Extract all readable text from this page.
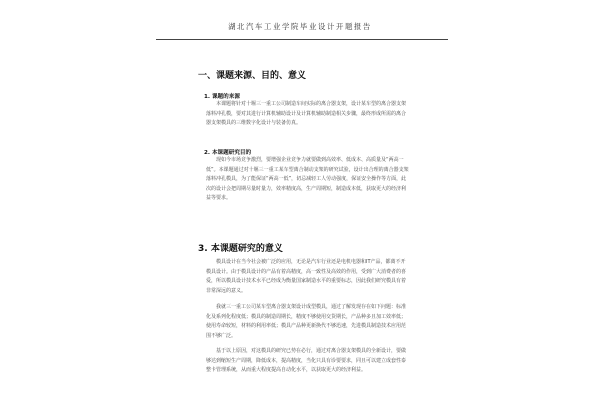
湖北汽车工业学院毕业设计开题报告
一、课题来源、目的、意义
1. 课题的来源
本课题将针对十堰三一重工公司制造车间实际的离合器支架，设计某车型的离合器支架落料冲孔模，要对其进行计算机辅助设计及计算机辅助制造相关步骤，最终形成所需的离合器支架模具的三维数字化设计与装备仿真。
2. 本课题研究目的
现如今市场竞争激烈，要增强企业竞争力就要做到高效率、低成本、高质量及“两高一低”。本课题通过对十堰三一重工某车型离合制动支架的研究试验，设计出合理的离合器支架落料冲孔模具，为了能保证“两高一低”，切忌减轻工人劳动强度，保证安全操作等方面，此次的设计会把周期尽量时量力，效率精度高，生产周期短，制造成本低，获取更大的经济利益等要求。
3. 本课题研究的意义
模具设计在当今社会被广泛的应用，无论是汽车行业还是电机电器和IT产品，都离不开模具设计。由于模具设计的产品有着高精度，高一致性及高效的作用，受到广大消费者的喜爱，所以模具设计技术水平已经成为衡量国家制造水平的重要标志，因此我们研究模具有着非常深远的意义。
我就三一重工公司某车型离合器支架设计成型模具，通过了解发现存在如下问题：标准化及系列化程度低；模具的制造周期长，精度不够使用交货期长，产品种多且加工效率低；使用寿命较短，材料的利用率低；模具产品种更新换代不够迅速，先进模具制造技术应用范围不够广泛。
基于以上原因，对这模具的研究已势在必行，通过对离合器支架模具的全新设计，要做够达到缩短生产周期，降低成本，提高精度，当化只具有诊要要求，同且可以建立成套性泰整卡管理系统，从而重大程度提高自动化水平，以获取更大的经济利益。
